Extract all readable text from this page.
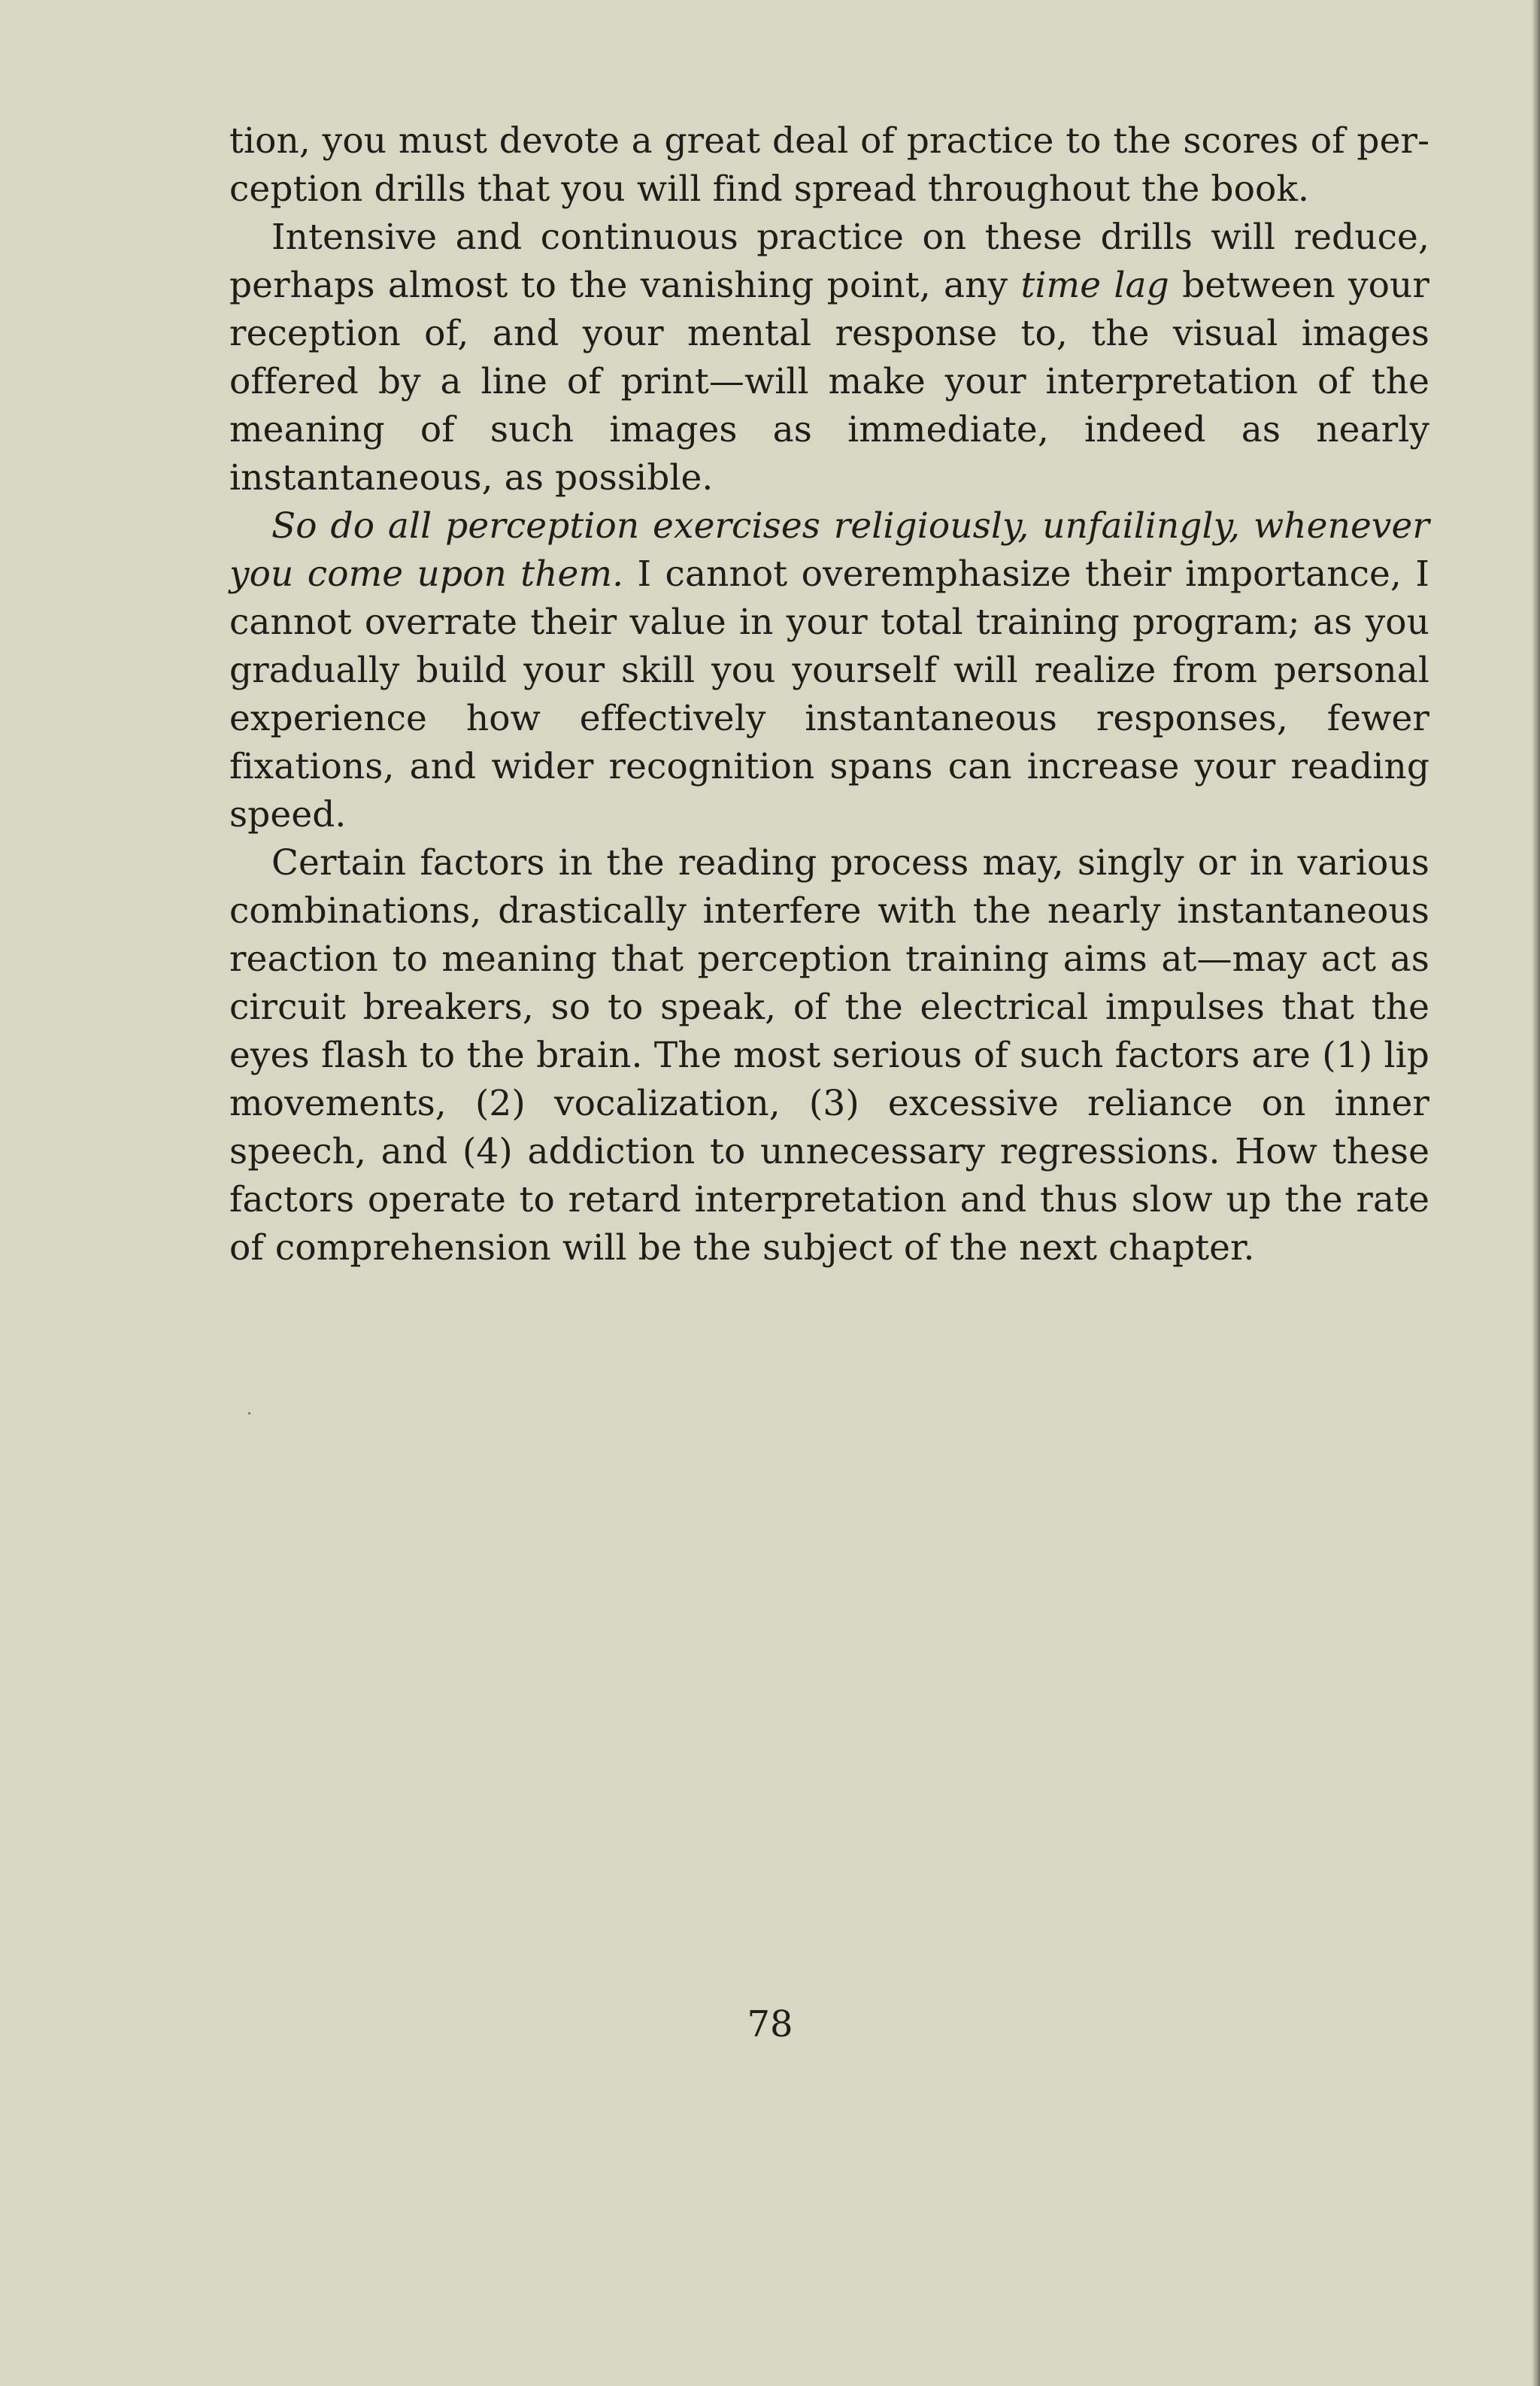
tion, you must devote a great deal of practice to the scores of perception drills that you will find spread throughout the book.

Intensive and continuous practice on these drills will reduce, perhaps almost to the vanishing point, any time lag between your reception of, and your mental response to, the visual images offered by a line of print—will make your interpretation of the meaning of such images as immediate, indeed as nearly instantaneous, as possible.

So do all perception exercises religiously, unfailingly, whenever you come upon them. I cannot overemphasize their importance, I cannot overrate their value in your total training program; as you gradually build your skill you yourself will realize from personal experience how effectively instantaneous responses, fewer fixations, and wider recognition spans can increase your reading speed.

Certain factors in the reading process may, singly or in various combinations, drastically interfere with the nearly instantaneous reaction to meaning that perception training aims at—may act as circuit breakers, so to speak, of the electrical impulses that the eyes flash to the brain. The most serious of such factors are (1) lip movements, (2) vocalization, (3) excessive reliance on inner speech, and (4) addiction to unnecessary regressions. How these factors operate to retard interpretation and thus slow up the rate of comprehension will be the subject of the next chapter.

78
